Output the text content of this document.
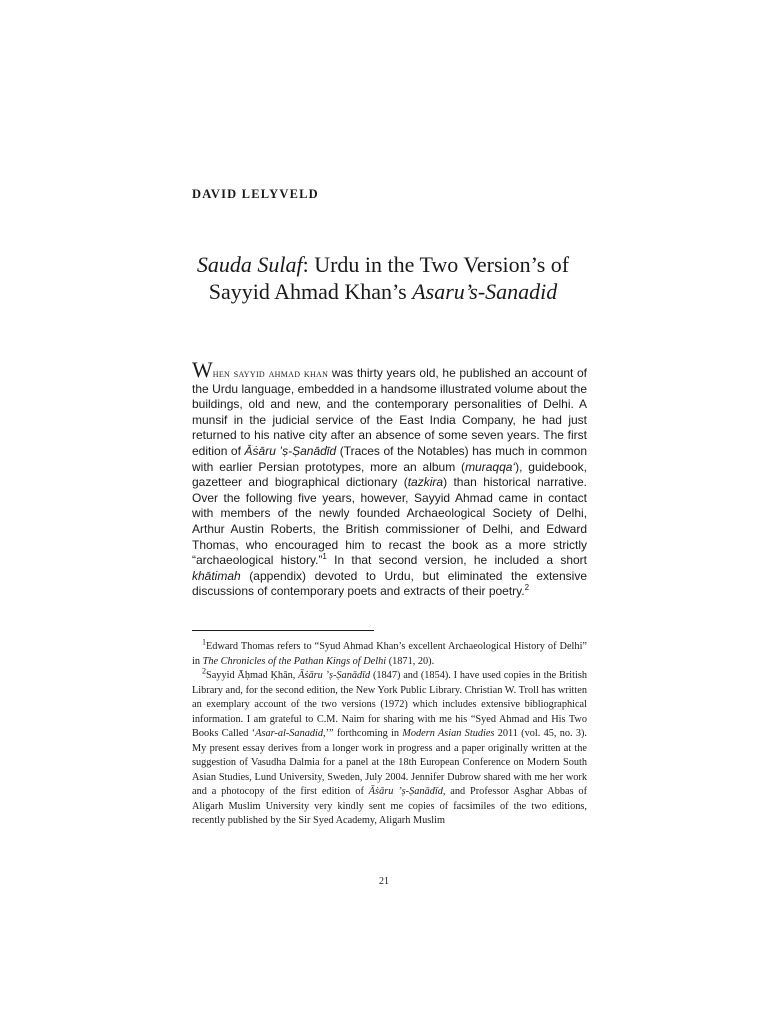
DAVID LELYVELD
Sauda Sulaf: Urdu in the Two Version’s of
Sayyid Ahmad Khan’s Asaru’s-Sanadid
When sayyid ahmad khan was thirty years old, he published an account of the Urdu language, embedded in a handsome illustrated volume about the buildings, old and new, and the contemporary personalities of Delhi. A munsif in the judicial service of the East India Company, he had just returned to his native city after an absence of some seven years. The first edition of Āṡāru ’ṣ-Ṣanādīd (Traces of the Notables) has much in common with earlier Persian prototypes, more an album (muraqqa‘), guidebook, gazetteer and biographical dictionary (tazkira) than historical narrative. Over the following five years, however, Sayyid Ahmad came in contact with members of the newly founded Archaeological Society of Delhi, Arthur Austin Roberts, the British commissioner of Delhi, and Edward Thomas, who encouraged him to recast the book as a more strictly “archaeological history.”$^1$ In that second version, he included a short khātimah (appendix) devoted to Urdu, but eliminated the extensive discussions of contemporary poets and extracts of their poetry.$^2$

$^1$Edward Thomas refers to “Syud Ahmad Khan’s excellent Archaeological History of Delhi” in The Chronicles of the Pathan Kings of Delhi (1871, 20).

$^2$Sayyid Āḥmad Ḳhān, Āṡāru ’ṣ-Ṣanādīd (1847) and (1854). I have used copies in the British Library and, for the second edition, the New York Public Library. Christian W. Troll has written an exemplary account of the two versions (1972) which includes extensive bibliographical information. I am grateful to C.M. Naim for sharing with me his “Syed Ahmad and His Two Books Called ‘Asar-al-Sanadid,’” forthcoming in Modern Asian Studies 2011 (vol. 45, no. 3). My present essay derives from a longer work in progress and a paper originally written at the suggestion of Vasudha Dalmia for a panel at the 18th European Conference on Modern South Asian Studies, Lund University, Sweden, July 2004. Jennifer Dubrow shared with me her work and a photocopy of the first edition of Āṡāru ’ṣ-Ṣanādīd, and Professor Asghar Abbas of Aligarh Muslim University very kindly sent me copies of facsimiles of the two editions, recently published by the Sir Syed Academy, Aligarh Muslim

21
